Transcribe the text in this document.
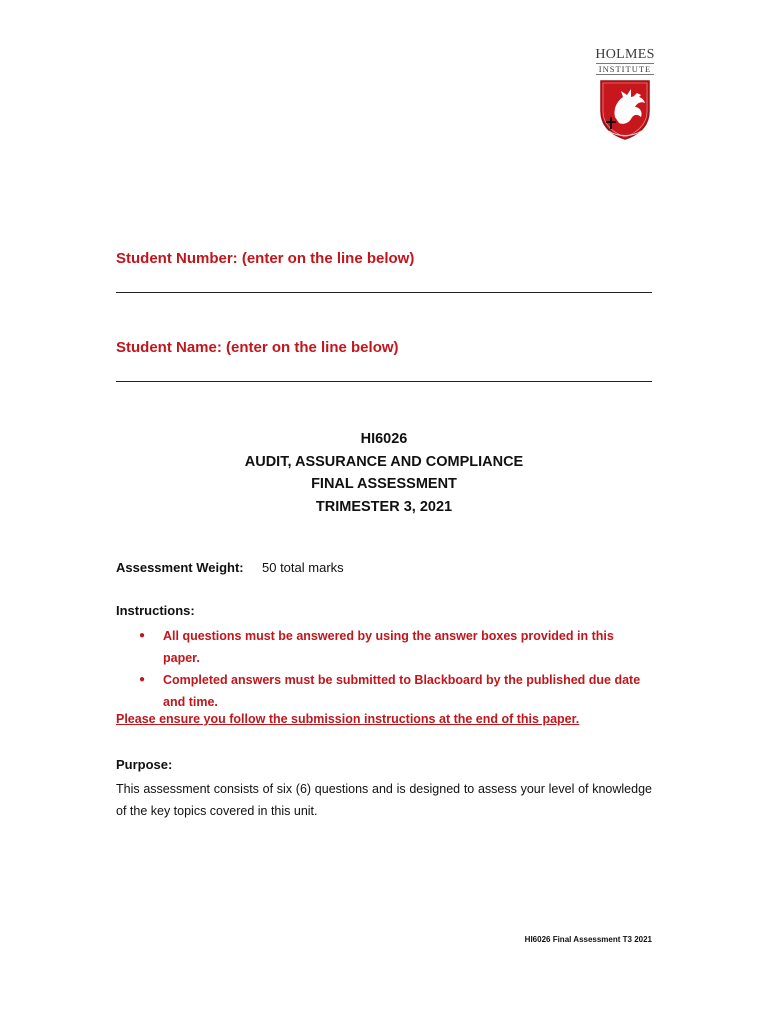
HOLMES
INSTITUTE
Student Number: (enter on the line below)
Student Name: (enter on the line below)
HI6026
AUDIT, ASSURANCE AND COMPLIANCE
FINAL ASSESSMENT
TRIMESTER 3, 2021
Assessment Weight: 50 total marks
Instructions:
● All questions must be answered by using the answer boxes provided in this paper.
● Completed answers must be submitted to Blackboard by the published due date and time.
Please ensure you follow the submission instructions at the end of this paper.
Purpose:
This assessment consists of six (6) questions and is designed to assess your level of knowledge of the key topics covered in this unit.
HI6026 Final Assessment T3 2021
